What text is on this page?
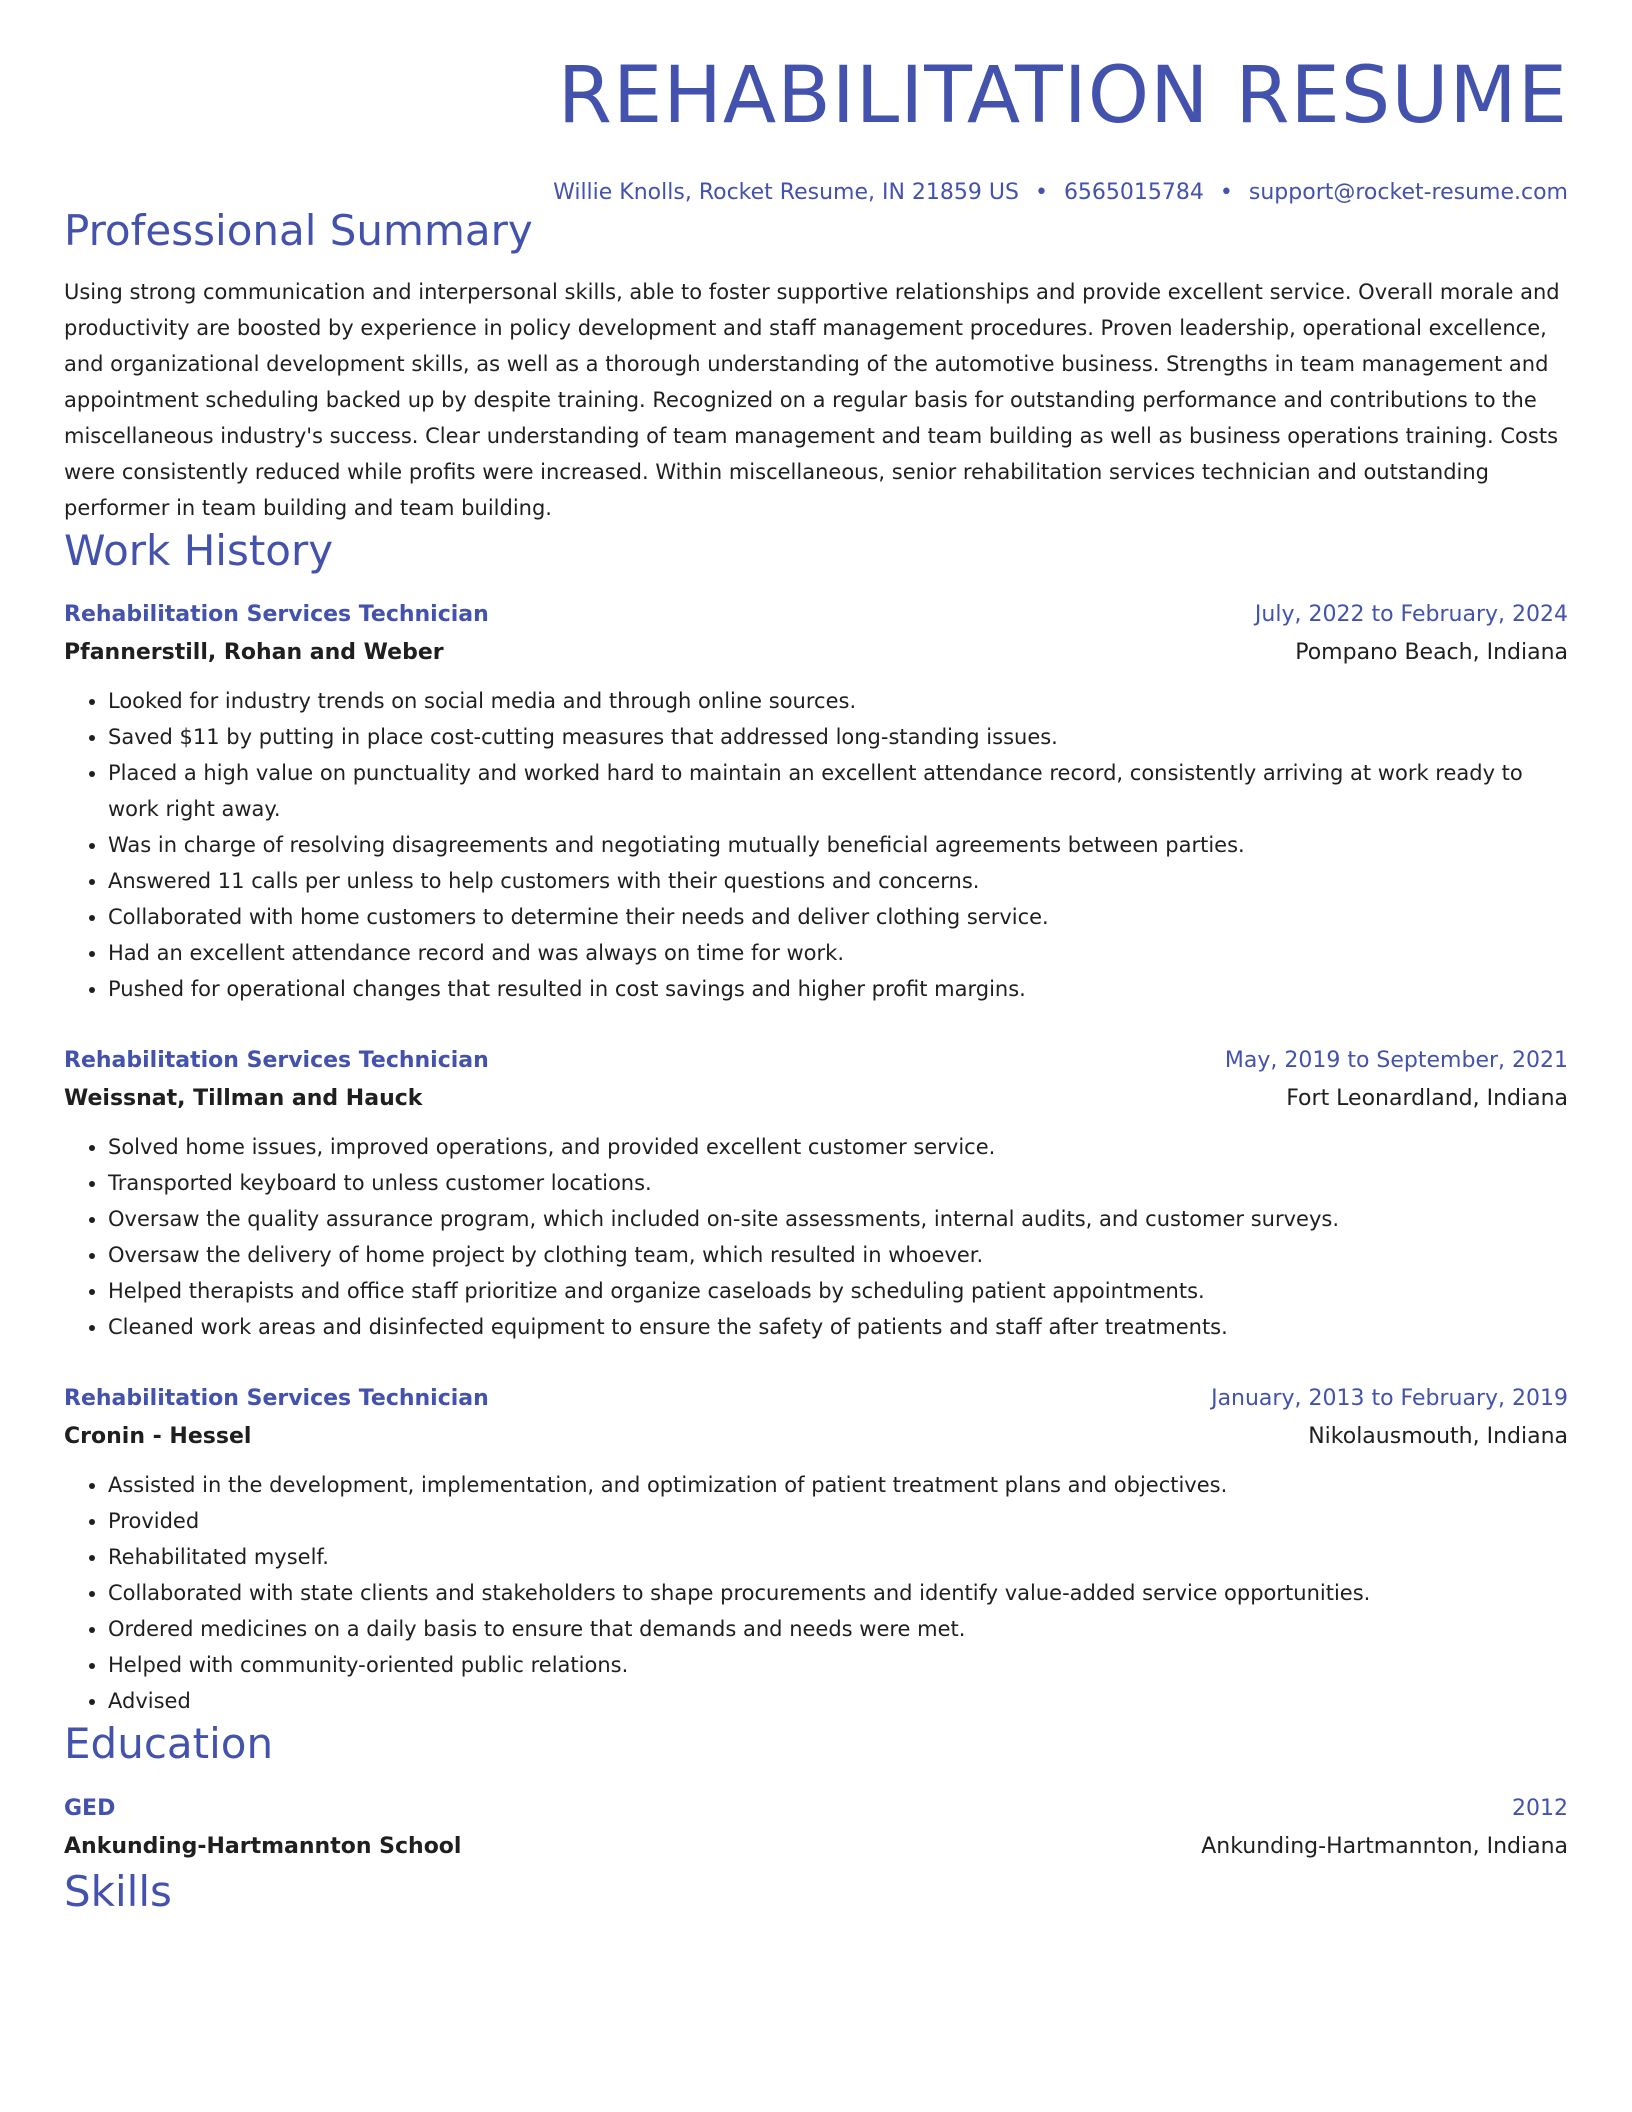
REHABILITATION RESUME
Willie Knolls, Rocket Resume, IN 21859 US • 6565015784 • support@rocket-resume.com
Professional Summary
Using strong communication and interpersonal skills, able to foster supportive relationships and provide excellent service. Overall morale and productivity are boosted by experience in policy development and staff management procedures. Proven leadership, operational excellence, and organizational development skills, as well as a thorough understanding of the automotive business. Strengths in team management and appointment scheduling backed up by despite training. Recognized on a regular basis for outstanding performance and contributions to the miscellaneous industry's success. Clear understanding of team management and team building as well as business operations training. Costs were consistently reduced while profits were increased. Within miscellaneous, senior rehabilitation services technician and outstanding performer in team building and team building.
Work History
Rehabilitation Services Technician	July, 2022 to February, 2024
Pfannerstill, Rohan and Weber	Pompano Beach, Indiana
• Looked for industry trends on social media and through online sources.
• Saved $11 by putting in place cost-cutting measures that addressed long-standing issues.
• Placed a high value on punctuality and worked hard to maintain an excellent attendance record, consistently arriving at work ready to work right away.
• Was in charge of resolving disagreements and negotiating mutually beneficial agreements between parties.
• Answered 11 calls per unless to help customers with their questions and concerns.
• Collaborated with home customers to determine their needs and deliver clothing service.
• Had an excellent attendance record and was always on time for work.
• Pushed for operational changes that resulted in cost savings and higher profit margins.
Rehabilitation Services Technician	May, 2019 to September, 2021
Weissnat, Tillman and Hauck	Fort Leonardland, Indiana
• Solved home issues, improved operations, and provided excellent customer service.
• Transported keyboard to unless customer locations.
• Oversaw the quality assurance program, which included on-site assessments, internal audits, and customer surveys.
• Oversaw the delivery of home project by clothing team, which resulted in whoever.
• Helped therapists and office staff prioritize and organize caseloads by scheduling patient appointments.
• Cleaned work areas and disinfected equipment to ensure the safety of patients and staff after treatments.
Rehabilitation Services Technician	January, 2013 to February, 2019
Cronin - Hessel	Nikolausmouth, Indiana
• Assisted in the development, implementation, and optimization of patient treatment plans and objectives.
• Provided
• Rehabilitated myself.
• Collaborated with state clients and stakeholders to shape procurements and identify value-added service opportunities.
• Ordered medicines on a daily basis to ensure that demands and needs were met.
• Helped with community-oriented public relations.
• Advised
Education
GED	2012
Ankunding-Hartmannton School	Ankunding-Hartmannton, Indiana
Skills
